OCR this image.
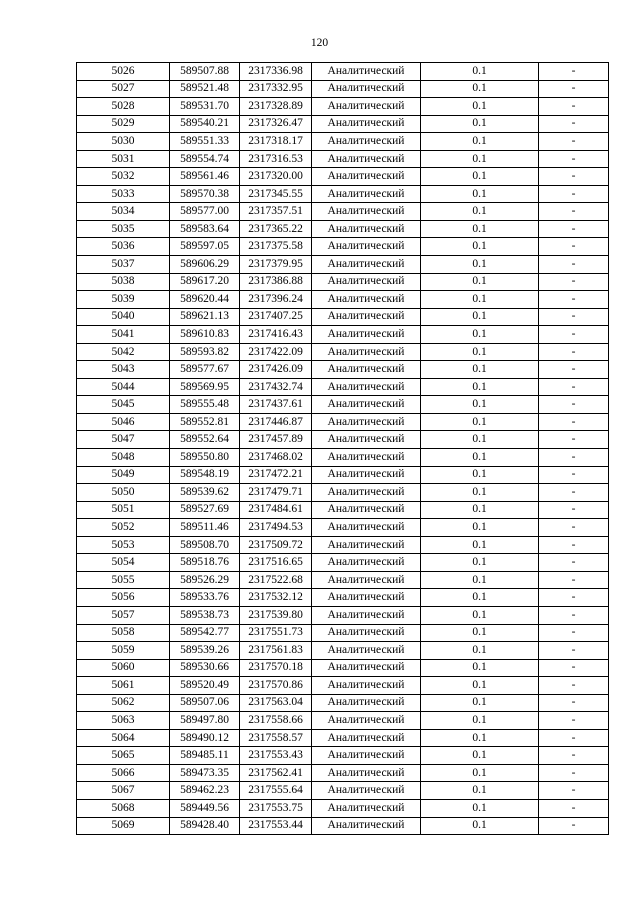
120
5026	589507.88	2317336.98	Аналитический	0.1	-
5027	589521.48	2317332.95	Аналитический	0.1	-
5028	589531.70	2317328.89	Аналитический	0.1	-
5029	589540.21	2317326.47	Аналитический	0.1	-
5030	589551.33	2317318.17	Аналитический	0.1	-
5031	589554.74	2317316.53	Аналитический	0.1	-
5032	589561.46	2317320.00	Аналитический	0.1	-
5033	589570.38	2317345.55	Аналитический	0.1	-
5034	589577.00	2317357.51	Аналитический	0.1	-
5035	589583.64	2317365.22	Аналитический	0.1	-
5036	589597.05	2317375.58	Аналитический	0.1	-
5037	589606.29	2317379.95	Аналитический	0.1	-
5038	589617.20	2317386.88	Аналитический	0.1	-
5039	589620.44	2317396.24	Аналитический	0.1	-
5040	589621.13	2317407.25	Аналитический	0.1	-
5041	589610.83	2317416.43	Аналитический	0.1	-
5042	589593.82	2317422.09	Аналитический	0.1	-
5043	589577.67	2317426.09	Аналитический	0.1	-
5044	589569.95	2317432.74	Аналитический	0.1	-
5045	589555.48	2317437.61	Аналитический	0.1	-
5046	589552.81	2317446.87	Аналитический	0.1	-
5047	589552.64	2317457.89	Аналитический	0.1	-
5048	589550.80	2317468.02	Аналитический	0.1	-
5049	589548.19	2317472.21	Аналитический	0.1	-
5050	589539.62	2317479.71	Аналитический	0.1	-
5051	589527.69	2317484.61	Аналитический	0.1	-
5052	589511.46	2317494.53	Аналитический	0.1	-
5053	589508.70	2317509.72	Аналитический	0.1	-
5054	589518.76	2317516.65	Аналитический	0.1	-
5055	589526.29	2317522.68	Аналитический	0.1	-
5056	589533.76	2317532.12	Аналитический	0.1	-
5057	589538.73	2317539.80	Аналитический	0.1	-
5058	589542.77	2317551.73	Аналитический	0.1	-
5059	589539.26	2317561.83	Аналитический	0.1	-
5060	589530.66	2317570.18	Аналитический	0.1	-
5061	589520.49	2317570.86	Аналитический	0.1	-
5062	589507.06	2317563.04	Аналитический	0.1	-
5063	589497.80	2317558.66	Аналитический	0.1	-
5064	589490.12	2317558.57	Аналитический	0.1	-
5065	589485.11	2317553.43	Аналитический	0.1	-
5066	589473.35	2317562.41	Аналитический	0.1	-
5067	589462.23	2317555.64	Аналитический	0.1	-
5068	589449.56	2317553.75	Аналитический	0.1	-
5069	589428.40	2317553.44	Аналитический	0.1	-
